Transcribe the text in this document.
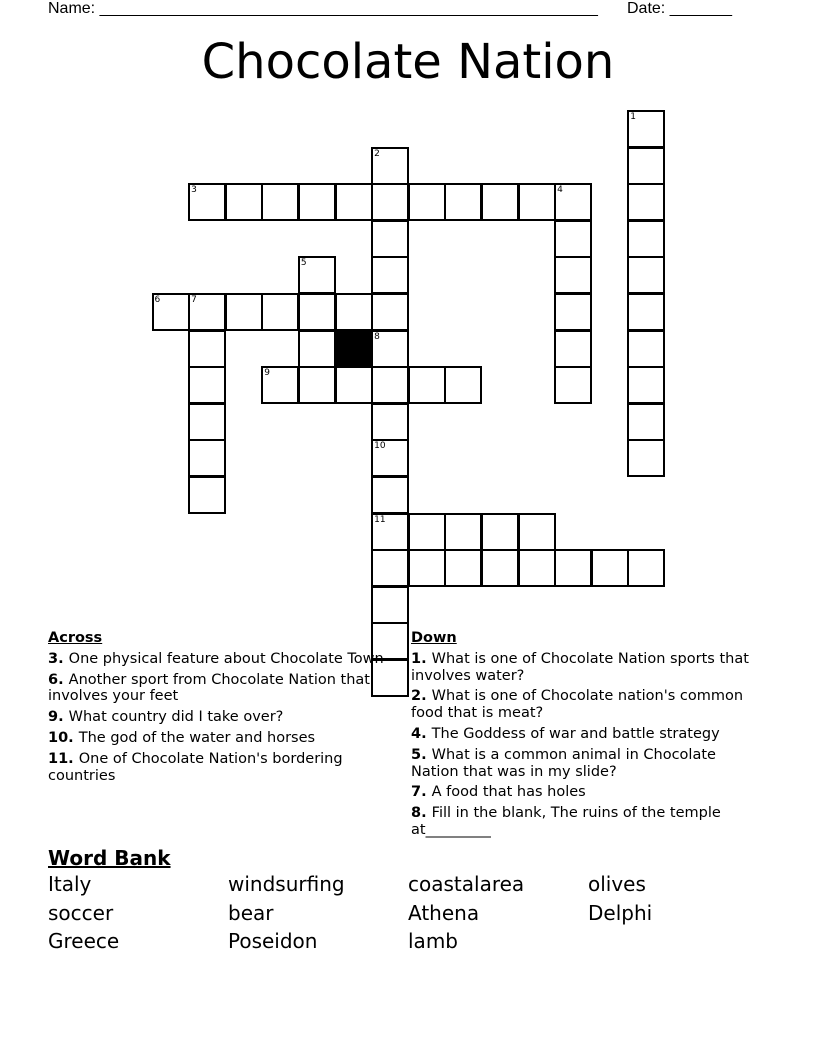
Name: ________________________________________________________ Date: _______
Chocolate Nation
1
2
3	4
5
6	7
8
9
10
11
Across
3. One physical feature about Chocolate Town
6. Another sport from Chocolate Nation that involves your feet
9. What country did I take over?
10. The god of the water and horses
11. One of Chocolate Nation's bordering countries
Down
1. What is one of Chocolate Nation sports that involves water?
2. What is one of Chocolate nation's common food that is meat?
4. The Goddess of war and battle strategy
5. What is a common animal in Chocolate Nation that was in my slide?
7. A food that has holes
8. Fill in the blank, The ruins of the temple at_________
Word Bank
Italy	windsurfing	coastalarea	olives
soccer	bear	Athena	Delphi
Greece	Poseidon	lamb
